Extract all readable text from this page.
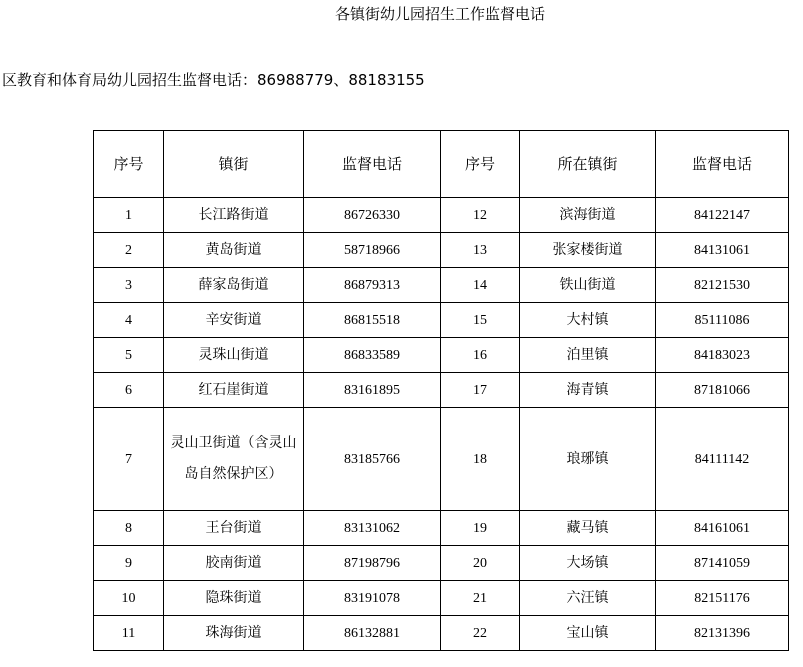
各镇街幼儿园招生工作监督电话
区教育和体育局幼儿园招生监督电话：86988779、88183155
序号	镇街	监督电话	序号	所在镇街	监督电话
1	长江路街道	86726330	12	滨海街道	84122147
2	黄岛街道	58718966	13	张家楼街道	84131061
3	薛家岛街道	86879313	14	铁山街道	82121530
4	辛安街道	86815518	15	大村镇	85111086
5	灵珠山街道	86833589	16	泊里镇	84183023
6	红石崖街道	83161895	17	海青镇	87181066
7	灵山卫街道（含灵山岛自然保护区）	83185766	18	琅琊镇	84111142
8	王台街道	83131062	19	藏马镇	84161061
9	胶南街道	87198796	20	大场镇	87141059
10	隐珠街道	83191078	21	六汪镇	82151176
11	珠海街道	86132881	22	宝山镇	82131396
